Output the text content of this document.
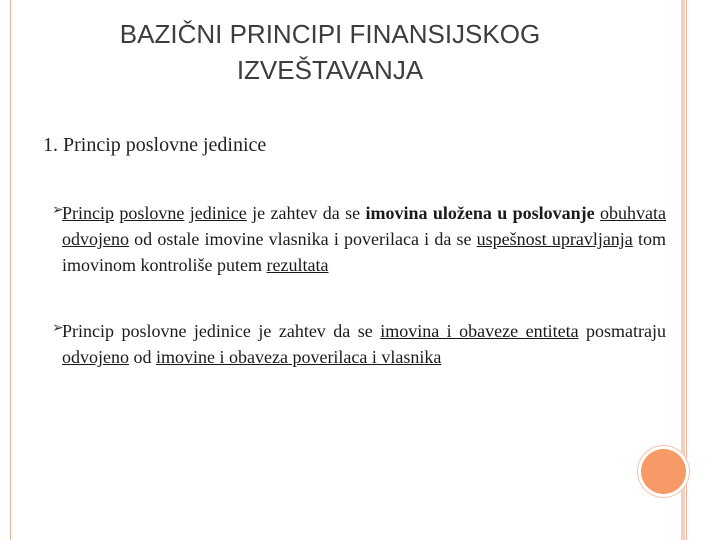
BAZIČNI PRINCIPI FINANSIJSKOG
IZVEŠTAVANJA
1. Princip poslovne jedinice
➢
Princip poslovne jedinice je zahtev da se imovina uložena u poslovanje obuhvata odvojeno od ostale imovine vlasnika i poverilaca i da se uspešnost upravljanja tom imovinom kontroliše putem rezultata
➢
Princip poslovne jedinice je zahtev da se imovina i obaveze entiteta posmatraju odvojeno od imovine i obaveza poverilaca i vlasnika
